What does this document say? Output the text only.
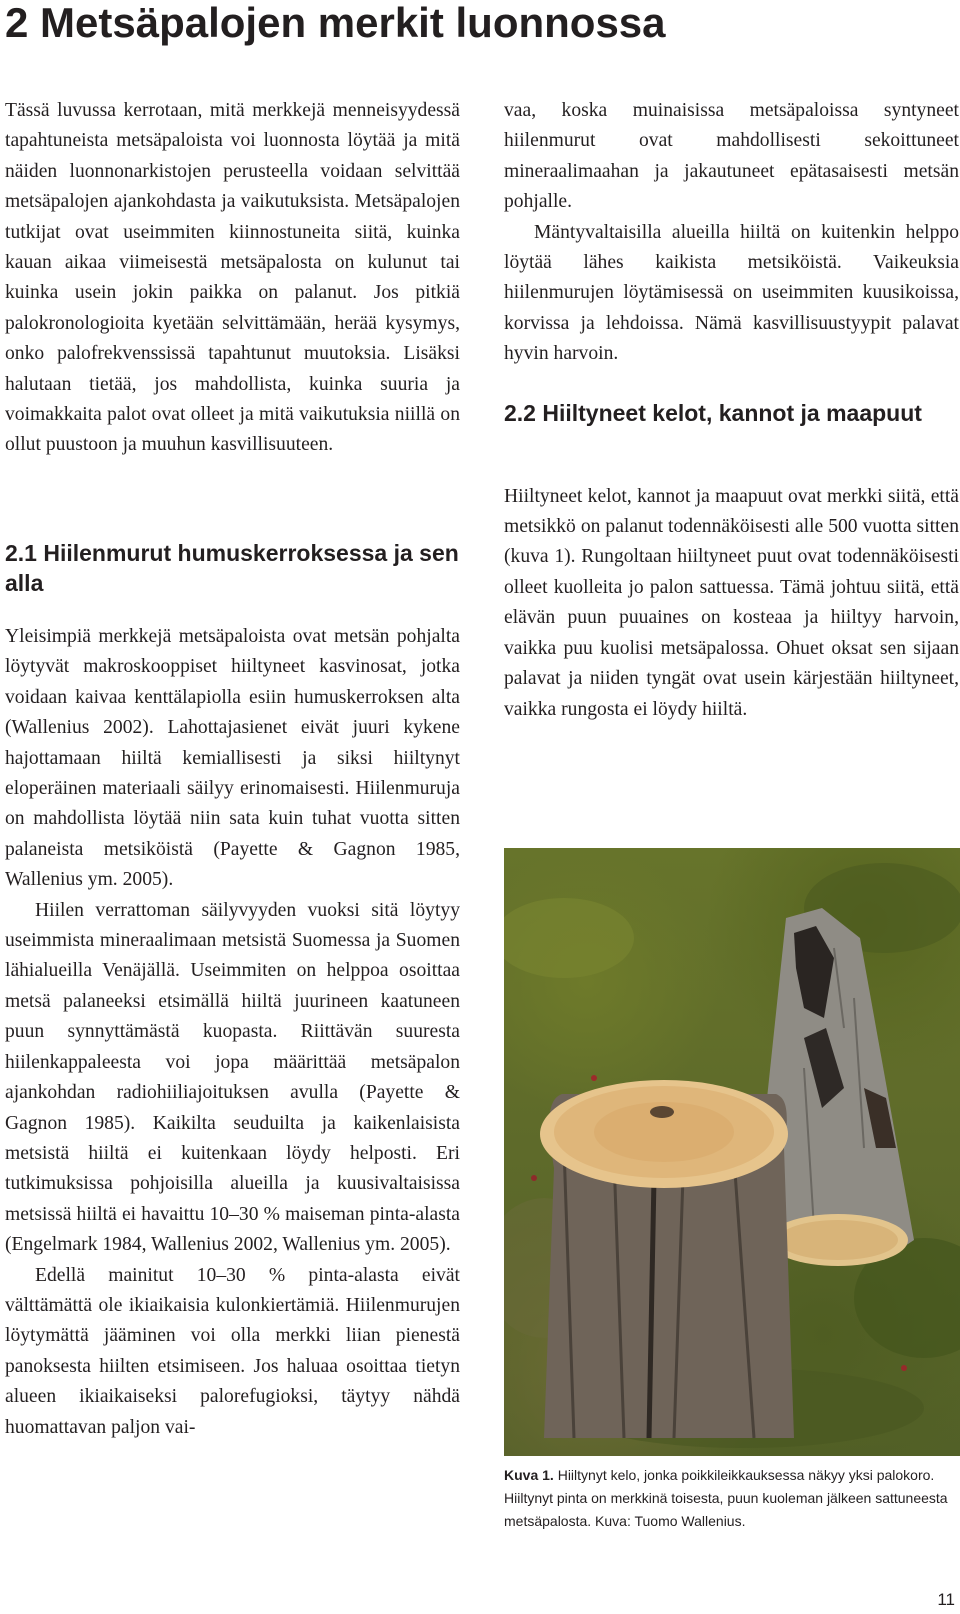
2 Metsäpalojen merkit luonnossa

Tässä luvussa kerrotaan, mitä merkkejä menneisyydessä tapahtuneista metsäpaloista voi luonnosta löytää ja mitä näiden luonnonarkistojen perusteella voidaan selvittää metsäpalojen ajankohdasta ja vaikutuksista. Metsäpalojen tutkijat ovat useimmiten kiinnostuneita siitä, kuinka kauan aikaa viimeisestä metsäpalosta on kulunut tai kuinka usein jokin paikka on palanut. Jos pitkiä palokronologioita kyetään selvittämään, herää kysymys, onko palofrekvenssissä tapahtunut muutoksia. Lisäksi halutaan tietää, jos mahdollista, kuinka suuria ja voimakkaita palot ovat olleet ja mitä vaikutuksia niillä on ollut puustoon ja muuhun kasvillisuuteen.

2.1 Hiilenmurut humuskerroksessa ja sen alla

Yleisimpiä merkkejä metsäpaloista ovat metsän pohjalta löytyvät makroskooppiset hiiltyneet kasvinosat, jotka voidaan kaivaa kenttälapiolla esiin humuskerroksen alta (Wallenius 2002). Lahottajasienet eivät juuri kykene hajottamaan hiiltä kemiallisesti ja siksi hiiltynyt eloperäinen materiaali säilyy erinomaisesti. Hiilenmuruja on mahdollista löytää niin sata kuin tuhat vuotta sitten palaneista metsiköistä (Payette & Gagnon 1985, Wallenius ym. 2005).

Hiilen verrattoman säilyvyyden vuoksi sitä löytyy useimmista mineraalimaan metsistä Suomessa ja Suomen lähialueilla Venäjällä. Useimmiten on helppoa osoittaa metsä palaneeksi etsimällä hiiltä juurineen kaatuneen puun synnyttämästä kuopasta. Riittävän suuresta hiilenkappaleesta voi jopa määrittää metsäpalon ajankohdan radiohiiliajoituksen avulla (Payette & Gagnon 1985). Kaikilta seuduilta ja kaikenlaisista metsistä hiiltä ei kuitenkaan löydy helposti. Eri tutkimuksissa pohjoisilla alueilla ja kuusivaltaisissa metsissä hiiltä ei havaittu 10–30 % maiseman pinta-alasta (Engelmark 1984, Wallenius 2002, Wallenius ym. 2005).

Edellä mainitut 10–30 % pinta-alasta eivät välttämättä ole ikiaikaisia kulonkiertämiä. Hiilenmurujen löytymättä jääminen voi olla merkki liian pienestä panoksesta hiilten etsimiseen. Jos haluaa osoittaa tietyn alueen ikiaikaiseksi palorefugioksi, täytyy nähdä huomattavan paljon vai-

vaa, koska muinaisissa metsäpaloissa syntyneet hiilenmurut ovat mahdollisesti sekoittuneet mineraalimaahan ja jakautuneet epätasaisesti metsän pohjalle.

Mäntyvaltaisilla alueilla hiiltä on kuitenkin helppo löytää lähes kaikista metsiköistä. Vaikeuksia hiilenmurujen löytämisessä on useimmiten kuusikoissa, korvissa ja lehdoissa. Nämä kasvillisuustyypit palavat hyvin harvoin.

2.2 Hiiltyneet kelot, kannot ja maapuut

Hiiltyneet kelot, kannot ja maapuut ovat merkki siitä, että metsikkö on palanut todennäköisesti alle 500 vuotta sitten (kuva 1). Rungoltaan hiiltyneet puut ovat todennäköisesti olleet kuolleita jo palon sattuessa. Tämä johtuu siitä, että elävän puun puuaines on kosteaa ja hiiltyy harvoin, vaikka puu kuolisi metsäpalossa. Ohuet oksat sen sijaan palavat ja niiden tyngät ovat usein kärjestään hiiltyneet, vaikka rungosta ei löydy hiiltä.

Kuva 1. Hiiltynyt kelo, jonka poikkileikkauksessa näkyy yksi palokoro. Hiiltynyt pinta on merkkinä toisesta, puun kuoleman jälkeen sattuneesta metsäpalosta. Kuva: Tuomo Wallenius.

11
